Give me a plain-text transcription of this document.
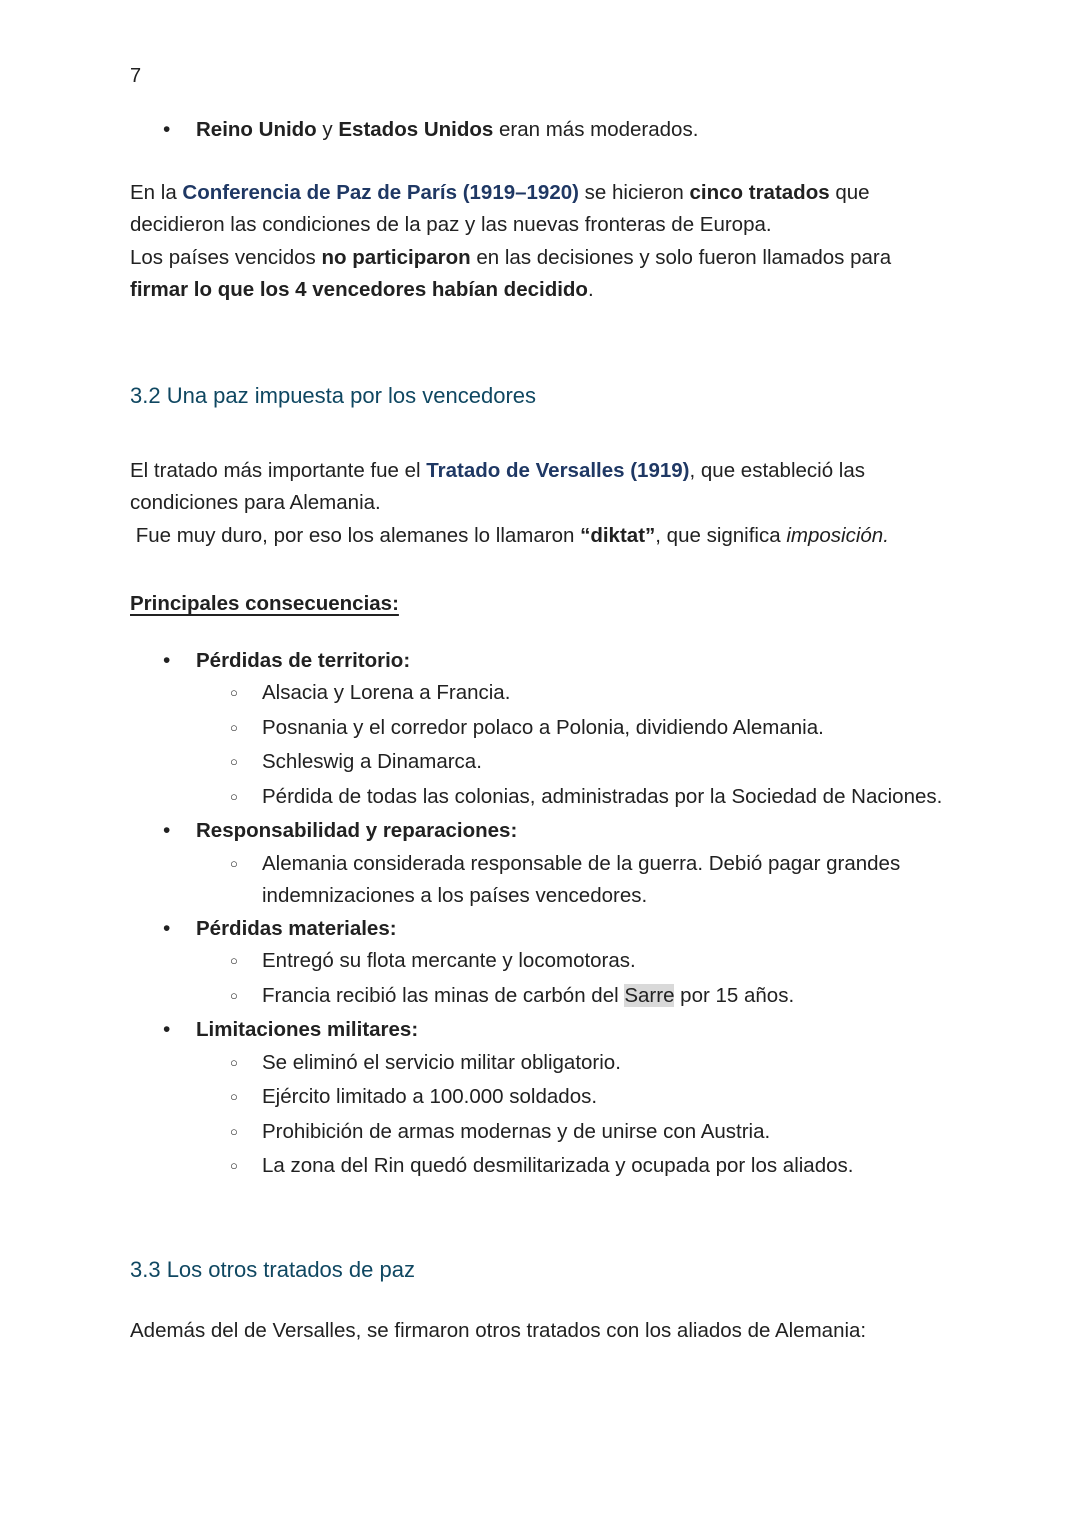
7
•
Reino Unido y Estados Unidos eran más moderados.
En la Conferencia de Paz de París (1919–1920) se hicieron cinco tratados que decidieron las condiciones de la paz y las nuevas fronteras de Europa.
Los países vencidos no participaron en las decisiones y solo fueron llamados para firmar lo que los 4 vencedores habían decidido.
3.2 Una paz impuesta por los vencedores
El tratado más importante fue el Tratado de Versalles (1919), que estableció las condiciones para Alemania.
Fue muy duro, por eso los alemanes lo llamaron “diktat”, que significa imposición.
Principales consecuencias:
•
Pérdidas de territorio:
○
Alsacia y Lorena a Francia.
○
Posnania y el corredor polaco a Polonia, dividiendo Alemania.
○
Schleswig a Dinamarca.
○
Pérdida de todas las colonias, administradas por la Sociedad de Naciones.
•
Responsabilidad y reparaciones:
○
Alemania considerada responsable de la guerra. Debió pagar grandes indemnizaciones a los países vencedores.
•
Pérdidas materiales:
○
Entregó su flota mercante y locomotoras.
○
Francia recibió las minas de carbón del Sarre por 15 años.
•
Limitaciones militares:
○
Se eliminó el servicio militar obligatorio.
○
Ejército limitado a 100.000 soldados.
○
Prohibición de armas modernas y de unirse con Austria.
○
La zona del Rin quedó desmilitarizada y ocupada por los aliados.
3.3 Los otros tratados de paz
Además del de Versalles, se firmaron otros tratados con los aliados de Alemania:
